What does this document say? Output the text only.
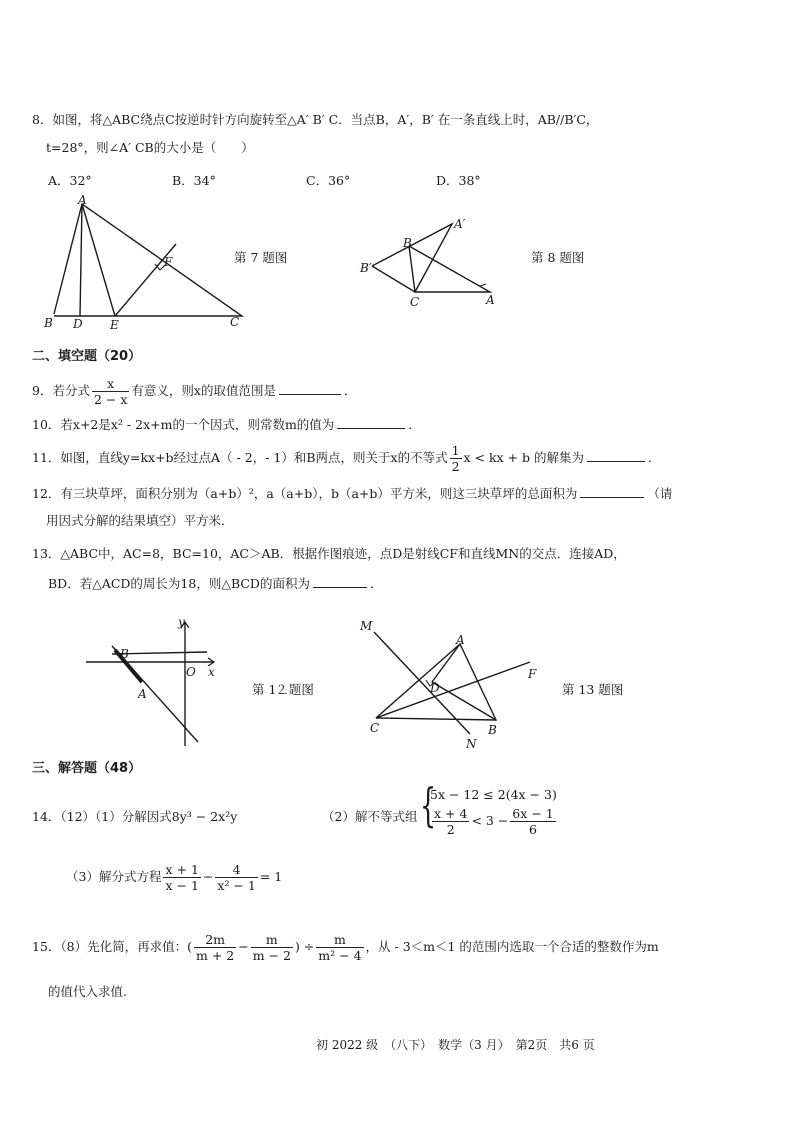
8．如图，将△ABC绕点C按逆时针方向旋转至△A′ B′ C．当点B，A′，B′ 在一条直线上时，AB//B′C，
t=28°，则∠A′ CB的大小是（　　）
A．32°	B．34°	C．36°	D．38°
A
B D E	C
F	第 7 题图
A′
B
B′
C	A
第 8 题图
二、填空题（20）
9．若分式 $\frac{x}{2 - x}$ 有意义，则x的取值范围是	．
10．若x+2是x² - 2x+m的一个因式，则常数m的值为	．
11．如图，直线y=kx+b经过点A（ - 2，- 1）和B两点，则关于x的不等式 $\frac{1}{2}$ x < kx + b 的解集为	．
12．有三块草坪，面积分别为（a+b）²，a（a+b），b（a+b）平方米，则这三块草坪的总面积为	（请
用因式分解的结果填空）平方米．
13．△ABC中，AC=8，BC=10，AC＞AB．根据作图痕迹，点D是射线CF和直线MN的交点．连接AD，
BD．若△ACD的周长为18，则△BCD的面积为	．
y
B
O x
A	第 1⒉题图
M
A
F
D
C	B
N
第 13 题图
三、解答题（48）
14．（12）（1）分解因式8y³ − 2x²y	（2）解不等式组 {
5x − 12 ≤ 2(4x − 3)
$\frac{x + 4}{2} < 3 - \frac{6x - 1}{6}$
（3）解分式方程 $\frac{x + 1}{x - 1} - \frac{4}{\text{x² − 1}} = 1$
15．（8）先化简，再求值：( $\frac{2m}{m + 2} - \frac{m}{m - 2}$ ) ÷ $\frac{m}{\text{m² − 4}}$ ，从 - 3＜m＜1 的范围内选取一个合适的整数作为m
的值代入求值.
初 2022 级　（八下）　数学（3 月）　第2页　共6 页
